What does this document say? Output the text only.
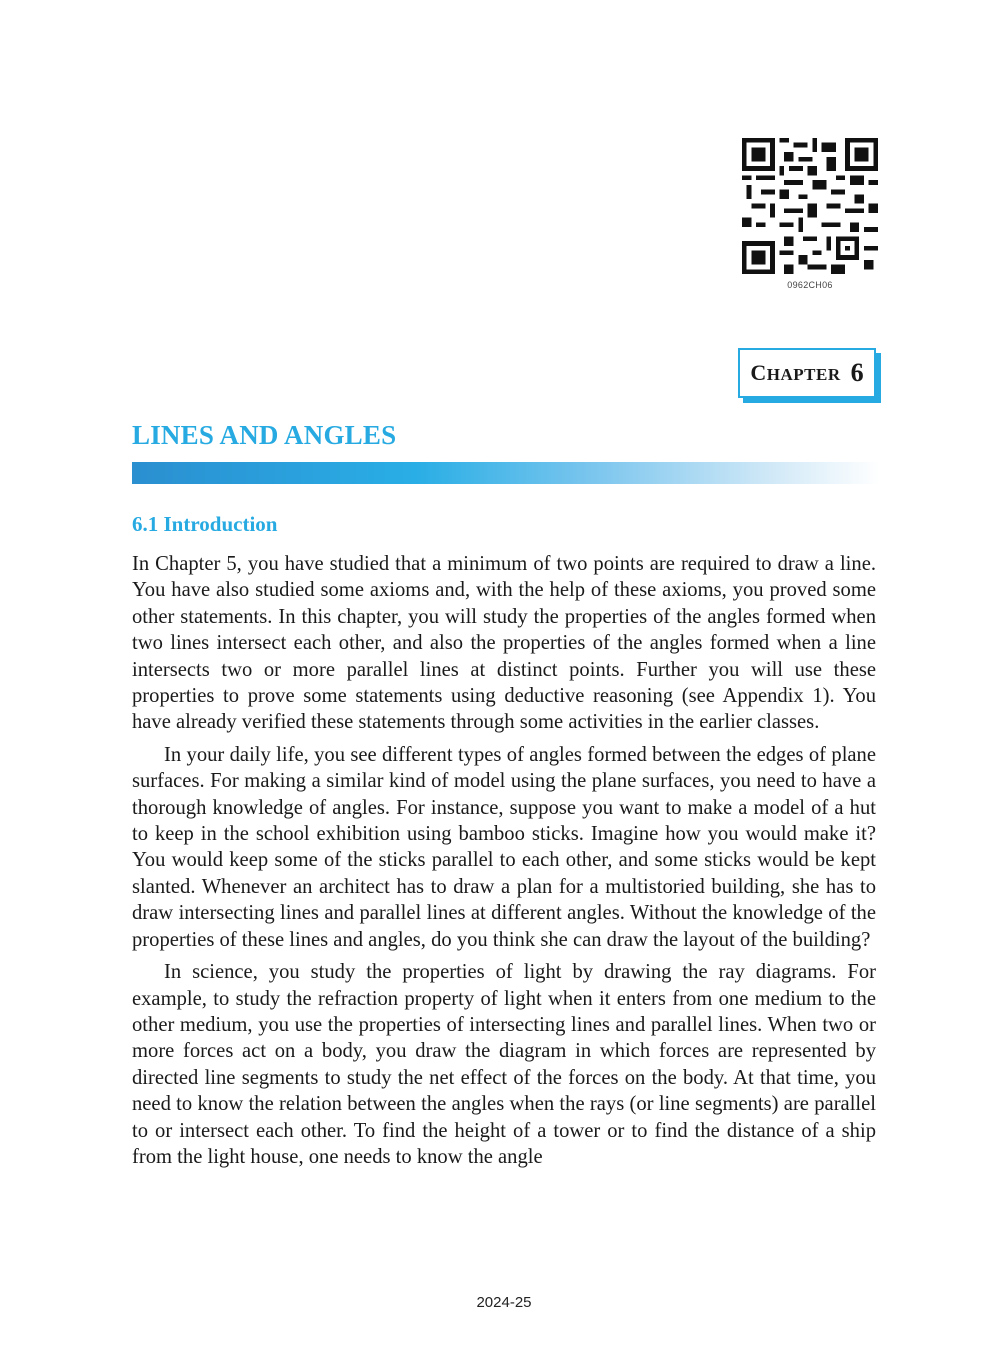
0962CH06
CHAPTER 6
LINES AND ANGLES
6.1 Introduction

In Chapter 5, you have studied that a minimum of two points are required to draw a line. You have also studied some axioms and, with the help of these axioms, you proved some other statements. In this chapter, you will study the properties of the angles formed when two lines intersect each other, and also the properties of the angles formed when a line intersects two or more parallel lines at distinct points. Further you will use these properties to prove some statements using deductive reasoning (see Appendix 1). You have already verified these statements through some activities in the earlier classes.

In your daily life, you see different types of angles formed between the edges of plane surfaces. For making a similar kind of model using the plane surfaces, you need to have a thorough knowledge of angles. For instance, suppose you want to make a model of a hut to keep in the school exhibition using bamboo sticks. Imagine how you would make it? You would keep some of the sticks parallel to each other, and some sticks would be kept slanted. Whenever an architect has to draw a plan for a multistoried building, she has to draw intersecting lines and parallel lines at different angles. Without the knowledge of the properties of these lines and angles, do you think she can draw the layout of the building?

In science, you study the properties of light by drawing the ray diagrams. For example, to study the refraction property of light when it enters from one medium to the other medium, you use the properties of intersecting lines and parallel lines. When two or more forces act on a body, you draw the diagram in which forces are represented by directed line segments to study the net effect of the forces on the body. At that time, you need to know the relation between the angles when the rays (or line segments) are parallel to or intersect each other. To find the height of a tower or to find the distance of a ship from the light house, one needs to know the angle

2024-25
